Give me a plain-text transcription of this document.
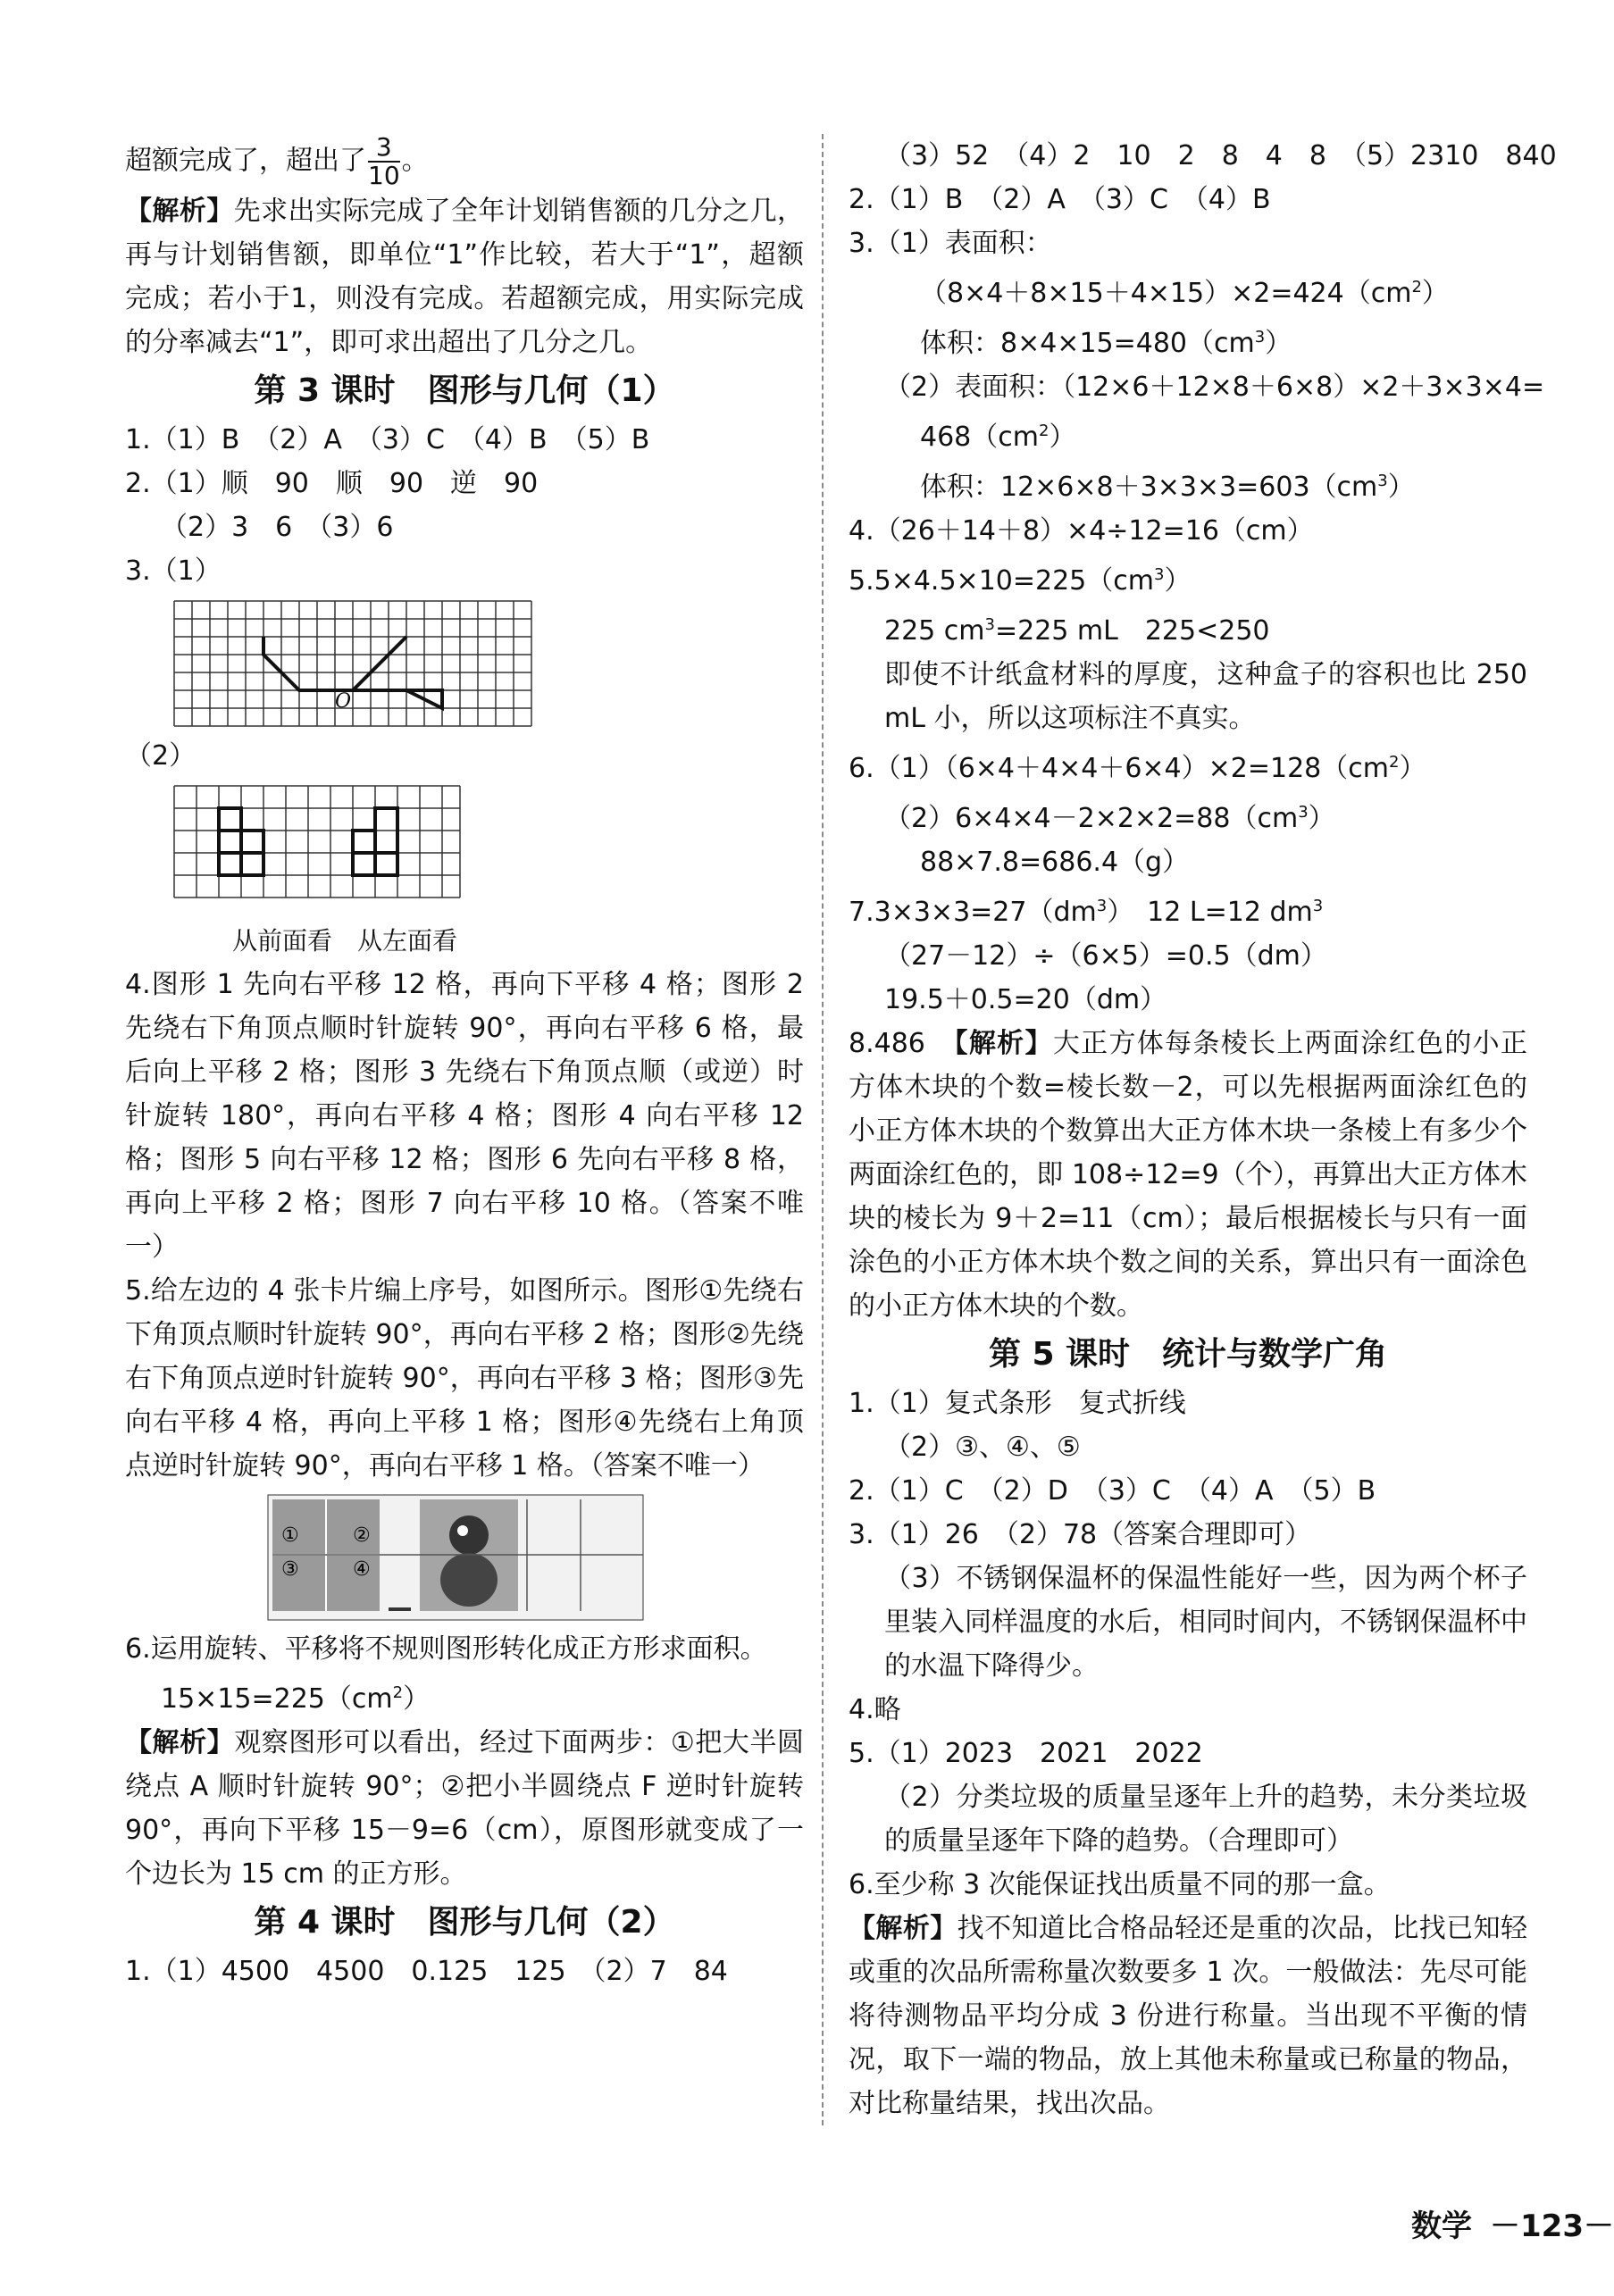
超额完成了，超出了 $\frac{3}{10}$ 。
【解析】先求出实际完成了全年计划销售额的几分之几，再与计划销售额，即单位“1”作比较，若大于“1”，超额完成；若小于1，则没有完成。若超额完成，用实际完成的分率减去“1”，即可求出超出了几分之几。
第 3 课时　图形与几何（1）
1.（1）B　（2）A　（3）C　（4）B　（5）B
2.（1）顺　90　顺　90　逆　90
（2）3　6　（3）6
3.（1）
O
（2）
从前面看　从左面看
4.图形 1 先向右平移 12 格，再向下平移 4 格；图形 2 先绕右下角顶点顺时针旋转 90°，再向右平移 6 格，最后向上平移 2 格；图形 3 先绕右下角顶点顺（或逆）时针旋转 180°，再向右平移 4 格；图形 4 向右平移 12 格；图形 5 向右平移 12 格；图形 6 先向右平移 8 格，再向上平移 2 格；图形 7 向右平移 10 格。（答案不唯一）
5.给左边的 4 张卡片编上序号，如图所示。图形①先绕右下角顶点顺时针旋转 90°，再向右平移 2 格；图形②先绕右下角顶点逆时针旋转 90°，再向右平移 3 格；图形③先向右平移 4 格，再向上平移 1 格；图形④先绕右上角顶点逆时针旋转 90°，再向右平移 1 格。（答案不唯一）
①	②
③	④
6.运用旋转、平移将不规则图形转化成正方形求面积。
$15\times 15=225(cm^2)$
【解析】观察图形可以看出，经过下面两步：①把大半圆绕点 A 顺时针旋转 90°；②把小半圆绕点 F 逆时针旋转 90°，再向下平移 15－9=6（cm），原图形就变成了一个边长为 15 cm 的正方形。
第 4 课时　图形与几何（2）
1.（1）4500　4500　0.125　125　（2）7　84
（3）52　（4）2　10　2　8　4　8　（5）2310　840
2.（1）B　（2）A　（3）C　（4）B
3.（1）表面积：
$(8\times 4+8\times 15+4\times 15)\times 2=424(cm^2)$
体积：$8\times 4\times 15=480(cm^3)$
（2）表面积：（12×6＋12×8＋6×8）×2＋3×3×4=
$468(cm^2)$
体积：$12\times 6\times 8+3\times 3\times 3=603(cm^3)$
4.（26＋14＋8）×4÷12=16（cm）
$5.5\times 4.5\times 10=225(cm^3)$
225 $cm^3=225$ mL　225<250
即使不计纸盒材料的厚度，这种盒子的容积也比 250 mL 小，所以这项标注不真实。
$6.(1)(6\times 4+4\times 4+6\times 4)\times 2=128(cm^2)$
$(2)6\times 4\times 4-2\times 2\times 2=88(cm^3)$
88×7.8=686.4（g）
$7.3\times 3\times 3=27(dm^3)$　12 L=12 $dm^3$
（27－12）÷（6×5）=0.5（dm）
19.5＋0.5=20（dm）
8.486　【解析】大正方体每条棱长上两面涂红色的小正方体木块的个数=棱长数－2，可以先根据两面涂红色的小正方体木块的个数算出大正方体木块一条棱上有多少个两面涂红色的，即 108÷12=9（个），再算出大正方体木块的棱长为 9＋2=11（cm）；最后根据棱长与只有一面涂色的小正方体木块个数之间的关系，算出只有一面涂色的小正方体木块的个数。
第 5 课时　统计与数学广角
1.（1）复式条形　复式折线
（2）③、④、⑤
2.（1）C　（2）D　（3）C　（4）A　（5）B
3.（1）26　（2）78（答案合理即可）
（3）不锈钢保温杯的保温性能好一些，因为两个杯子里装入同样温度的水后，相同时间内，不锈钢保温杯中的水温下降得少。
4.略
5.（1）2023　2021　2022
（2）分类垃圾的质量呈逐年上升的趋势，未分类垃圾的质量呈逐年下降的趋势。（合理即可）
6.至少称 3 次能保证找出质量不同的那一盒。
【解析】找不知道比合格品轻还是重的次品，比找已知轻或重的次品所需称量次数要多 1 次。一般做法：先尽可能将待测物品平均分成 3 份进行称量。当出现不平衡的情况，取下一端的物品，放上其他未称量或已称量的物品，对比称量结果，找出次品。
数学 －123－
